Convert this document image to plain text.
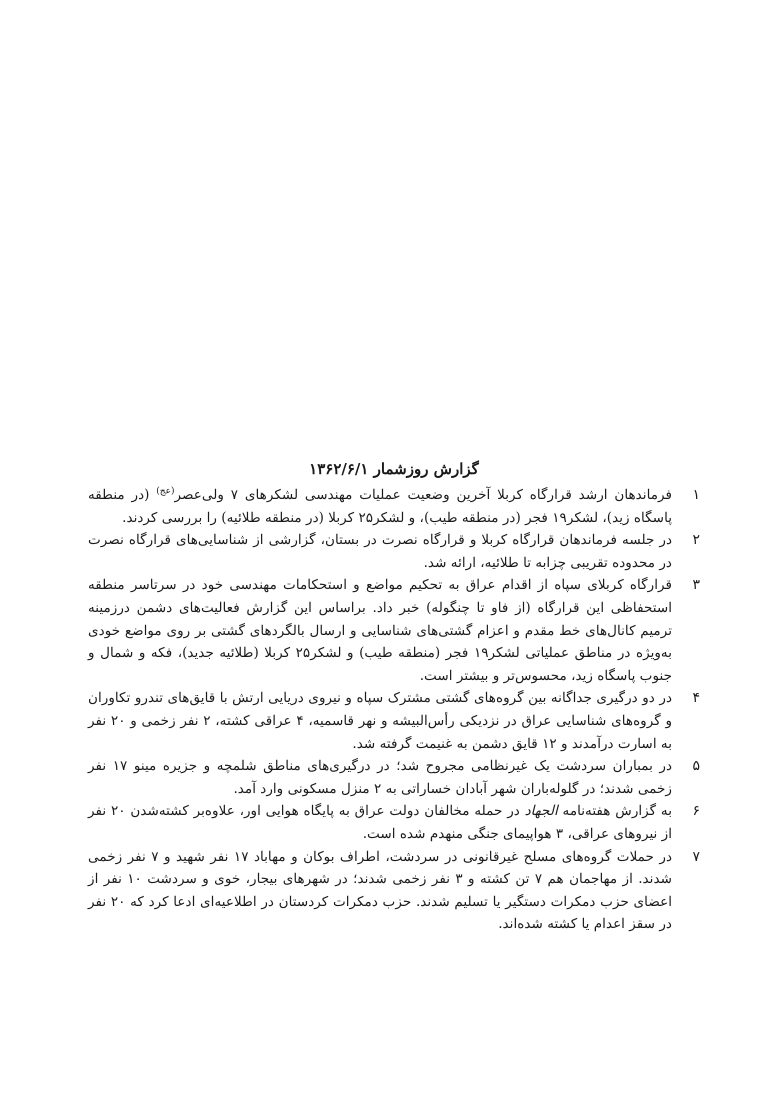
گزارش روزشمار ۱۳۶۲/۶/۱
۱
فرماندهان ارشد قرارگاه کربلا آخرین وضعیت عملیات مهندسی لشکرهای ۷ ولی‌عصر$^{(عج)}$ (در منطقه پاسگاه زید)، لشکر۱۹ فجر (در منطقه طیب)، و لشکر۲۵ کربلا (در منطقه طلائیه) را بررسی کردند.
۲
در جلسه فرماندهان قرارگاه کربلا و قرارگاه نصرت در بستان، گزارشی از شناسایی‌های قرارگاه نصرت در محدوده تقریبی چزابه تا طلائیه، ارائه شد.
۳
قرارگاه کربلای سپاه از اقدام عراق به تحکیم مواضع و استحکامات مهندسی خود در سرتاسر منطقه استحفاظی این قرارگاه (از فاو تا چنگوله) خبر داد. براساس این گزارش فعالیت‌های دشمن درزمینه ترمیم کانال‌های خط مقدم و اعزام گشتی‌های شناسایی و ارسال بالگردهای گشتی بر روی مواضع خودی به‌ویژه در مناطق عملیاتی لشکر۱۹ فجر (منطقه طیب) و لشکر۲۵ کربلا (طلائیه جدید)، فکه و شمال و جنوب پاسگاه زید، محسوس‌تر و بیشتر است.
۴
در دو درگیری جداگانه بین گروه‌های گشتی مشترک سپاه و نیروی دریایی ارتش با قایق‌های تندرو تکاوران و گروه‌های شناسایی عراق در نزدیکی رأس‌البیشه و نهر قاسمیه، ۴ عراقی کشته، ۲ نفر زخمی و ۲۰ نفر به اسارت درآمدند و ۱۲ قایق دشمن به غنیمت گرفته شد.
۵
در بمباران سردشت یک غیرنظامی مجروح شد؛ در درگیری‌های مناطق شلمچه و جزیره مینو ۱۷ نفر زخمی شدند؛ در گلوله‌باران شهر آبادان خساراتی به ۲ منزل مسکونی وارد آمد.
۶
به گزارش هفته‌نامه الجهاد در حمله مخالفان دولت عراق به پایگاه هوایی اور، علاوه‌بر کشته‌شدن ۲۰ نفر از نیروهای عراقی، ۳ هواپیمای جنگی منهدم شده است.
۷
در حملات گروه‌های مسلح غیرقانونی در سردشت، اطراف بوکان و مهاباد ۱۷ نفر شهید و ۷ نفر زخمی شدند. از مهاجمان هم ۷ تن کشته و ۳ نفر زخمی شدند؛ در شهرهای بیجار، خوی و سردشت ۱۰ نفر از اعضای حزب دمکرات دستگیر یا تسلیم شدند. حزب دمکرات کردستان در اطلاعیه‌ای ادعا کرد که ۲۰ نفر در سقز اعدام یا کشته شده‌اند.
